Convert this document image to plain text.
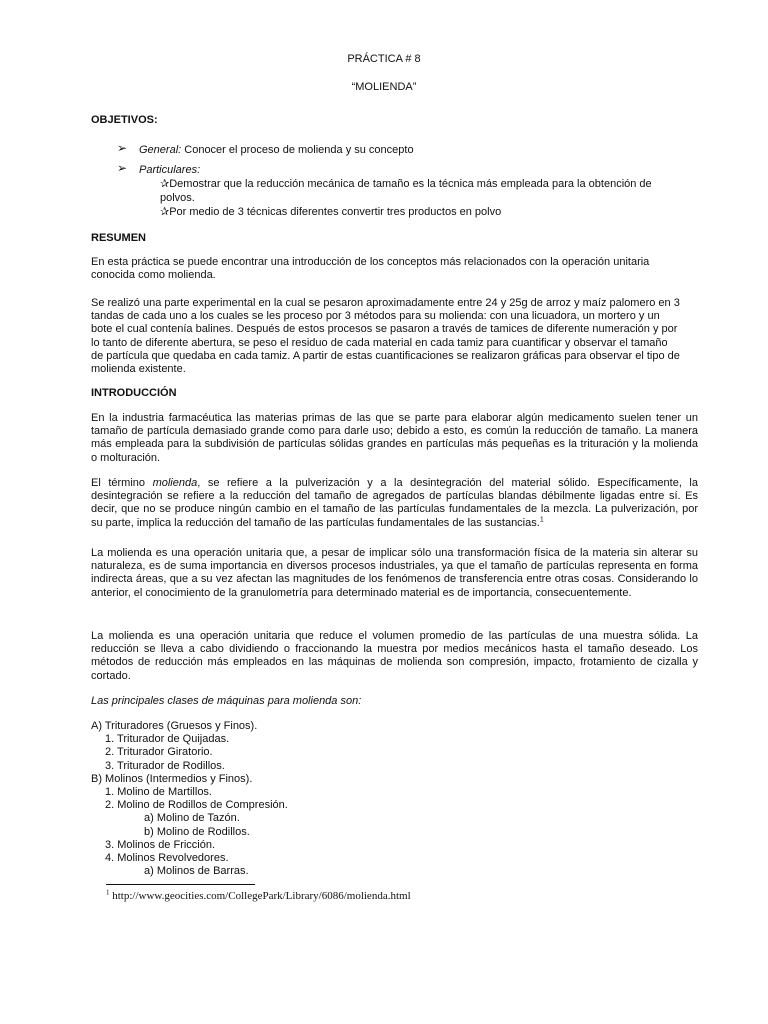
PRÁCTICA # 8
“MOLIENDA”
OBJETIVOS:
➢ General: Conocer el proceso de molienda y su concepto
➢ Particulares:
✰Demostrar que la reducción mecánica de tamaño es la técnica más empleada para la obtención de
polvos.
✰Por medio de 3 técnicas diferentes convertir tres productos en polvo
RESUMEN
En esta práctica se puede encontrar una introducción de los conceptos más relacionados con la operación unitaria
conocida como molienda.
Se realizó una parte experimental en la cual se pesaron aproximadamente entre 24 y 25g de arroz y maíz palomero en 3
tandas de cada uno a los cuales se les proceso por 3 métodos para su molienda: con una licuadora, un mortero y un
bote el cual contenía balines. Después de estos procesos se pasaron a través de tamices de diferente numeración y por
lo tanto de diferente abertura, se peso el residuo de cada material en cada tamiz para cuantificar y observar el tamaño
de partícula que quedaba en cada tamiz. A partir de estas cuantificaciones se realizaron gráficas para observar el tipo de
molienda existente.
INTRODUCCIÓN
En la industria farmacéutica las materias primas de las que se parte para elaborar algún medicamento suelen tener un tamaño de partícula demasiado grande como para darle uso; debido a esto, es común la reducción de tamaño. La manera más empleada para la subdivisión de partículas sólidas grandes en partículas más pequeñas es la trituración y la molienda o molturación.
El término molienda, se refiere a la pulverización y a la desintegración del material sólido. Específicamente, la desintegración se refiere a la reducción del tamaño de agregados de partículas blandas débilmente ligadas entre sí. Es decir, que no se produce ningún cambio en el tamaño de las partículas fundamentales de la mezcla. La pulverización, por su parte, implica la reducción del tamaño de las partículas fundamentales de las sustancias.$^1$
La molienda es una operación unitaria que, a pesar de implicar sólo una transformación física de la materia sin alterar su naturaleza, es de suma importancia en diversos procesos industriales, ya que el tamaño de partículas representa en forma indirecta áreas, que a su vez afectan las magnitudes de los fenómenos de transferencia entre otras cosas. Considerando lo anterior, el conocimiento de la granulometría para determinado material es de importancia, consecuentemente.
La molienda es una operación unitaria que reduce el volumen promedio de las partículas de una muestra sólida. La reducción se lleva a cabo dividiendo o fraccionando la muestra por medios mecánicos hasta el tamaño deseado. Los métodos de reducción más empleados en las máquinas de molienda son compresión, impacto, frotamiento de cizalla y cortado.
Las principales clases de máquinas para molienda son:
A) Trituradores (Gruesos y Finos).
1. Triturador de Quijadas.
2. Triturador Giratorio.
3. Triturador de Rodillos.
B) Molinos (Intermedios y Finos).
1. Molino de Martillos.
2. Molino de Rodillos de Compresión.
a) Molino de Tazón.
b) Molino de Rodillos.
3. Molinos de Fricción.
4. Molinos Revolvedores.
a) Molinos de Barras.
$^1$ http://www.geocities.com/CollegePark/Library/6086/molienda.html
